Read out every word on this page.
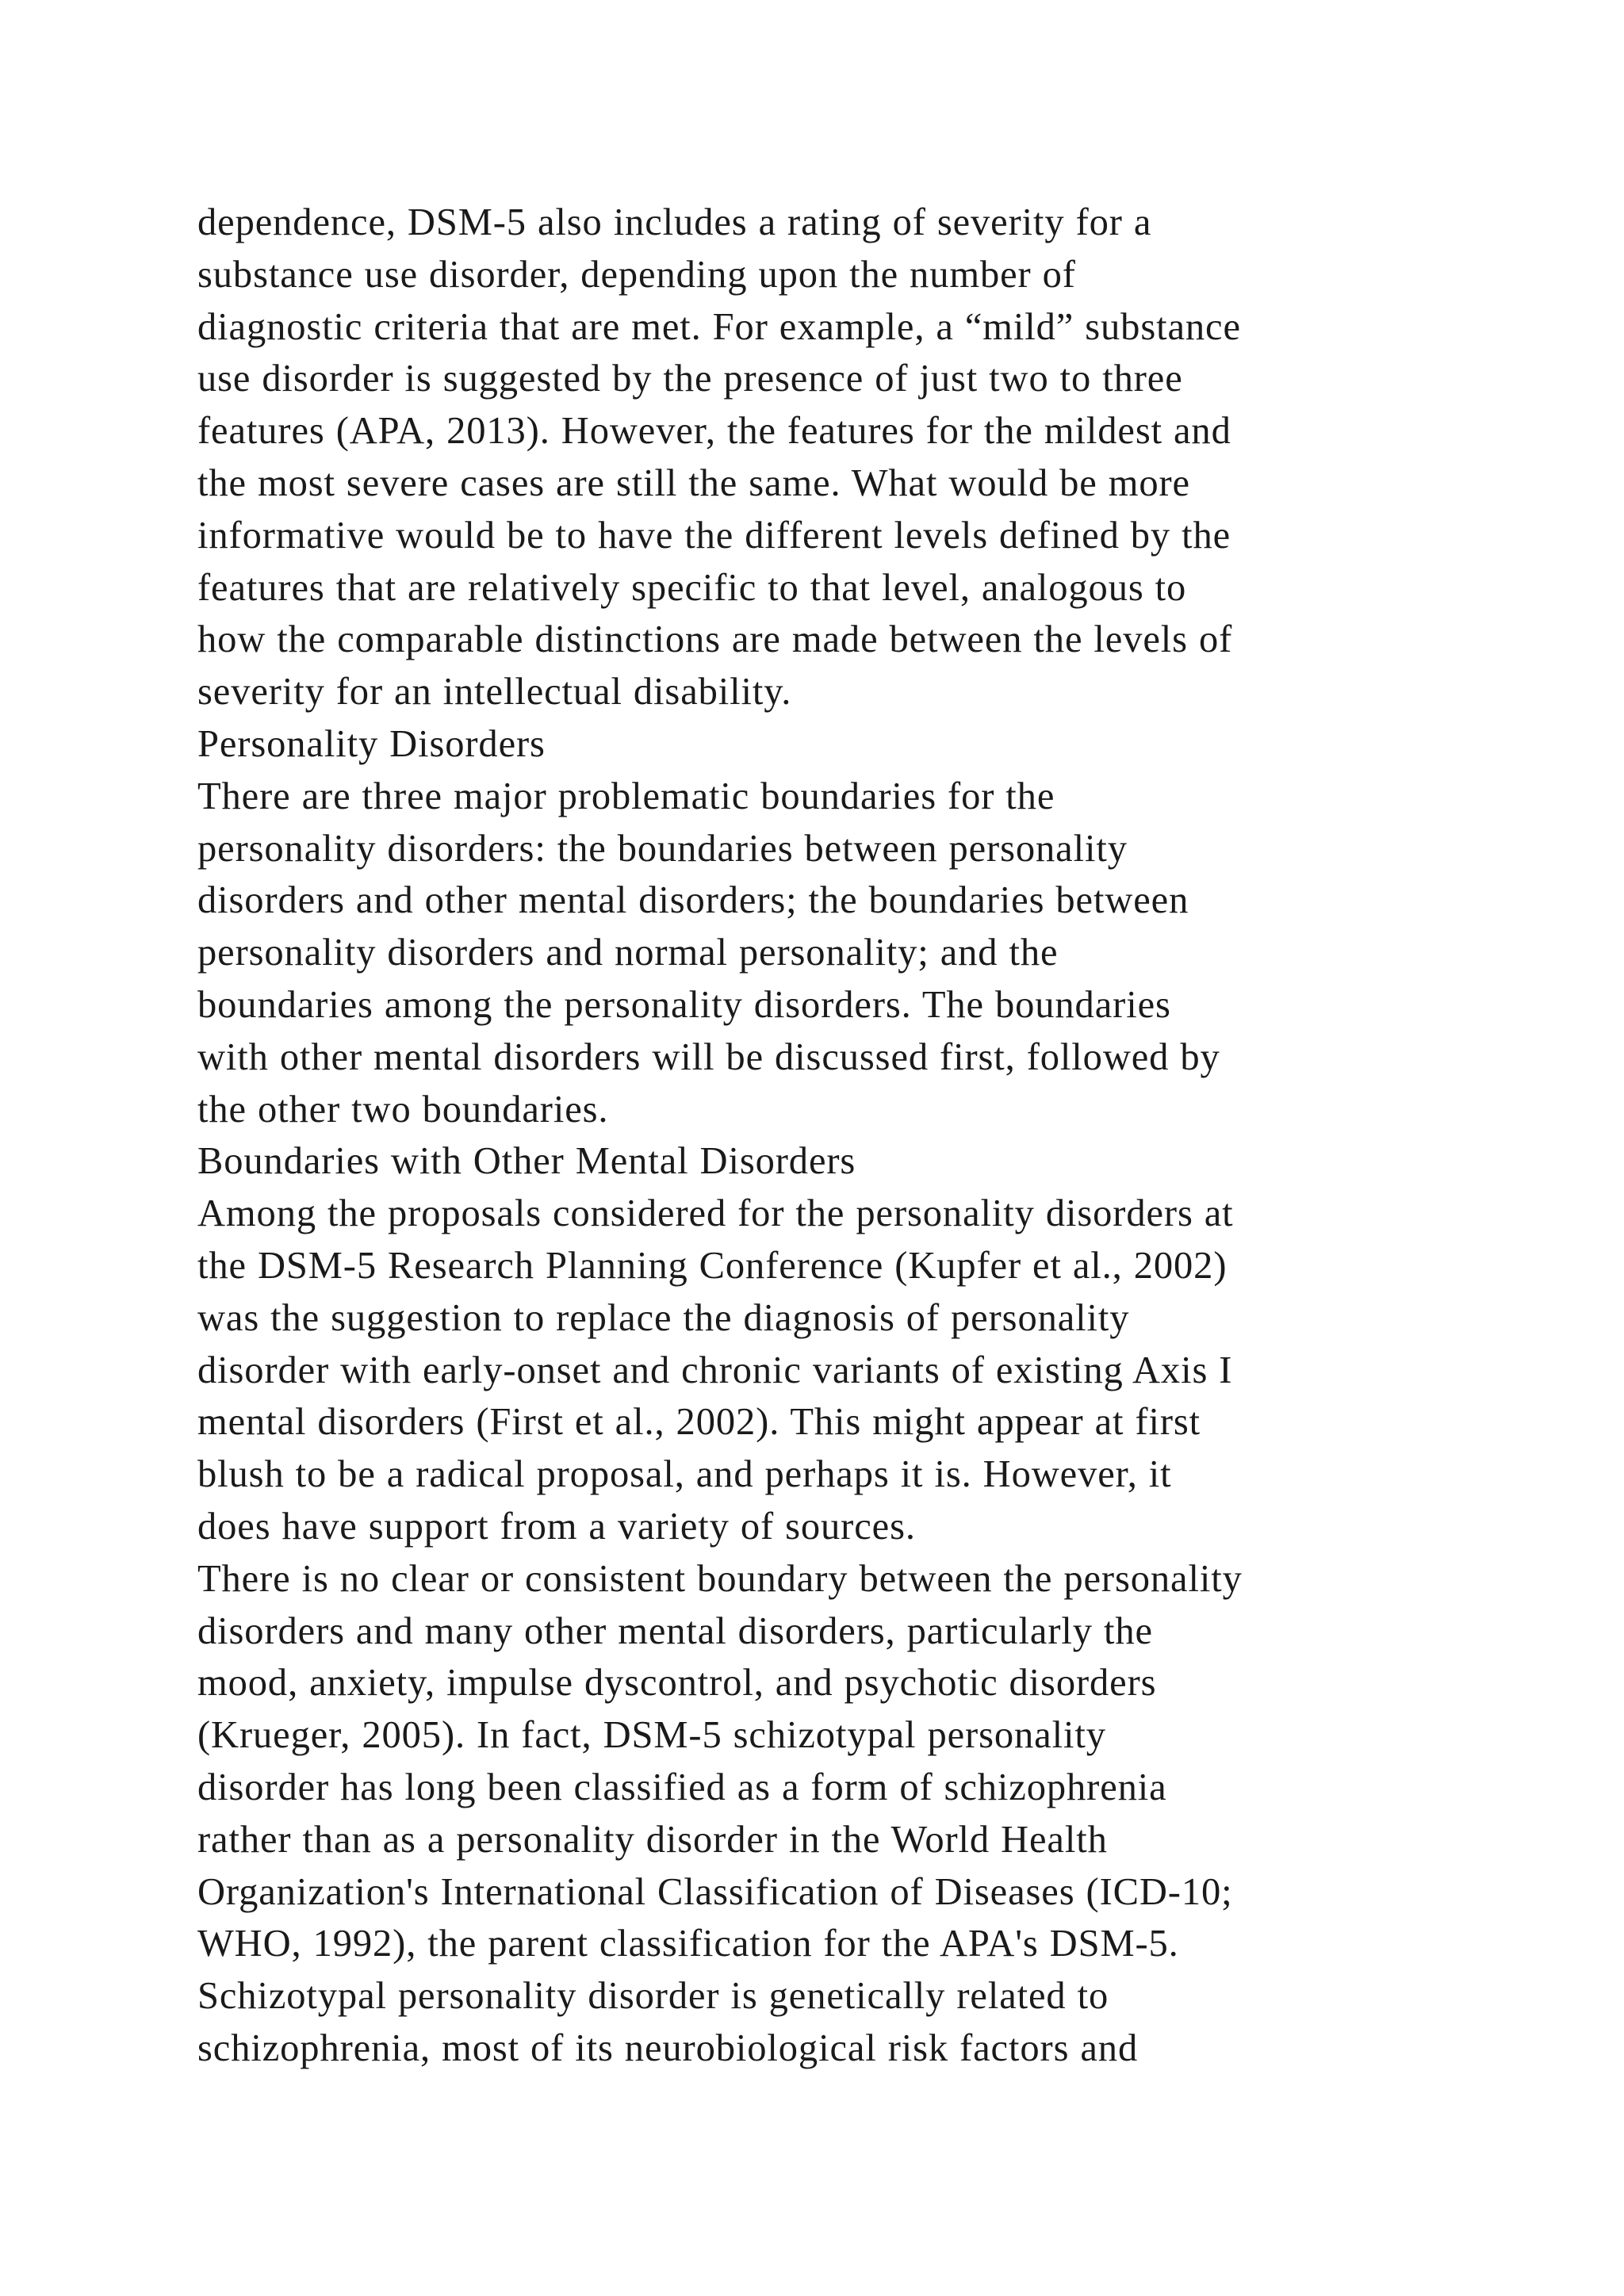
dependence, DSM-5 also includes a rating of severity for a
substance use disorder, depending upon the number of
diagnostic criteria that are met. For example, a “mild” substance
use disorder is suggested by the presence of just two to three
features (APA, 2013). However, the features for the mildest and
the most severe cases are still the same. What would be more
informative would be to have the different levels defined by the
features that are relatively specific to that level, analogous to
how the comparable distinctions are made between the levels of
severity for an intellectual disability.
Personality Disorders
There are three major problematic boundaries for the
personality disorders: the boundaries between personality
disorders and other mental disorders; the boundaries between
personality disorders and normal personality; and the
boundaries among the personality disorders. The boundaries
with other mental disorders will be discussed first, followed by
the other two boundaries.
Boundaries with Other Mental Disorders
Among the proposals considered for the personality disorders at
the DSM-5 Research Planning Conference (Kupfer et al., 2002)
was the suggestion to replace the diagnosis of personality
disorder with early-onset and chronic variants of existing Axis I
mental disorders (First et al., 2002). This might appear at first
blush to be a radical proposal, and perhaps it is. However, it
does have support from a variety of sources.
There is no clear or consistent boundary between the personality
disorders and many other mental disorders, particularly the
mood, anxiety, impulse dyscontrol, and psychotic disorders
(Krueger, 2005). In fact, DSM-5 schizotypal personality
disorder has long been classified as a form of schizophrenia
rather than as a personality disorder in the World Health
Organization's International Classification of Diseases (ICD-10;
WHO, 1992), the parent classification for the APA's DSM-5.
Schizotypal personality disorder is genetically related to
schizophrenia, most of its neurobiological risk factors and
